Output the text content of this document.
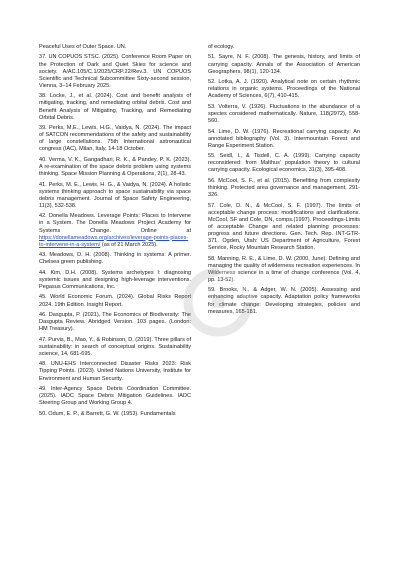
Peaceful Uses of Outer Space. UN.

37. UN COPUOS STSC. (2025). Conference Room Paper on the Protection of Dark and Quiet Skies for science and society. A/AC.105/C.1/2025/CRP.22/Rev.3. UN COPUOS Scientific and Technical Subcommittee Sixty-second session, Vienna, 3–14 February 2025.

38. Locke, J., et al. (2024). Cost and benefit analysis of mitigating, tracking, and remediating orbital debris. Cost and Benefit Analysis of Mitigating, Tracking, and Remediating Orbital Debris.

39. Perks, M.E., Lewis, H.G., Vaidya, N. (2024). The impact of SATCON recommendations of the safety and sustainability of large constellations. 75th International astronautical congress (IAC), Milan, Italy, 14-18 October.

40. Verma, V. K., Gangadhari, R. K., & Pandey, P. K. (2023). A re-examination of the space debris problem using systems thinking. Space Mission Planning & Operations, 2(1), 28-43.

41. Perks, M. E., Lewis, H. G., & Vaidya, N. (2024). A holistic systems thinking approach to space sustainability via space debris management. Journal of Space Safety Engineering, 11(3), 532-538.

42. Donella Meadows. Leverage Points: Places to Intervene in a System. The Donella Meadows Project Academy for Systems Change. Online at https://donellameadows.org/archives/leverage-points-places-to-intervene-in-a-system/ (as of 21 March 2025).

43. Meadows, D. H. (2008). Thinking in systems: A primer. Chelsea green publishing.

44. Kim, D.H. (2008). Systems archetypes I: diagnosing systemic issues and designing high-leverage interventions. Pegasus Communications, Inc.

45. World Economic Forum. (2024). Global Risks Report 2024. 19th Edition. Insight Report.

46. Dasgupta, P. (2021), The Economics of Biodiversity: The Dasgupta Review. Abridged Version. 103 pages. (London: HM Treasury).

47. Purvis, B., Mao, Y., & Robinson, D. (2019). Three pillars of sustainability: in search of conceptual origins. Sustainability science, 14, 681-695.

48. UNU-EHS Interconnected Disaster Risks 2023: Risk Tipping Points. (2023). United Nations University, Institute for Environment and Human Security.

49. Inter-Agency Space Debris Coordination Committee. (2025). IADC Space Debris Mitigation Guidelines. IADC Steering Group and Working Group 4.

50. Odum, E. P., & Barrett, G. W. (1953). Fundamentals

of ecology.

51. Sayre, N. F. (2008). The genesis, history, and limits of carrying capacity. Annals of the Association of American Geographers, 98(1), 120-134.

52. Lotka, A. J. (1920). Analytical note on certain rhythmic relations in organic systems. Proceedings of the National Academy of Sciences, 6(7), 410-415.

53. Volterra, V. (1926). Fluctuations in the abundance of a species considered mathematically. Nature, 118(2972), 558-560.

54. Lime, D. W. (1976). Recreational carrying capacity: An annotated bibliography (Vol. 3). Intermountain Forest and Range Experiment Station.

55. Seidl, I., & Tisdell, C. A. (1999). Carrying capacity reconsidered: from Malthus' population theory to cultural carrying capacity. Ecological economics, 31(3), 395-408.

56. McCool, S. F., et al. (2015). Benefiting from complexity thinking. Protected area governance and management, 291-326.

57. Cole, D. N., & McCool, S. F. (1997). The limits of acceptable change process: modifications and clarifications. McCool, SF and Cole, DN, comps.(1997). Proceedings-Limits of acceptable Change and related planning processes: progress and future directions. Gen. Tech. Rep. INT-GTR-371. Ogden, Utah: US Department of Agriculture, Forest Service, Rocky Mountain Research Station.

58. Manning, R. E., & Lime, D. W. (2000, June). Defining and managing the quality of wilderness recreation experiences. In Wilderness science in a time of change conference (Vol. 4, pp. 13-52).

59. Brooks, N., & Adger, W. N. (2005). Assessing and enhancing adaptive capacity. Adaptation policy frameworks for climate change: Developing strategies, policies and measures, 165-181.
